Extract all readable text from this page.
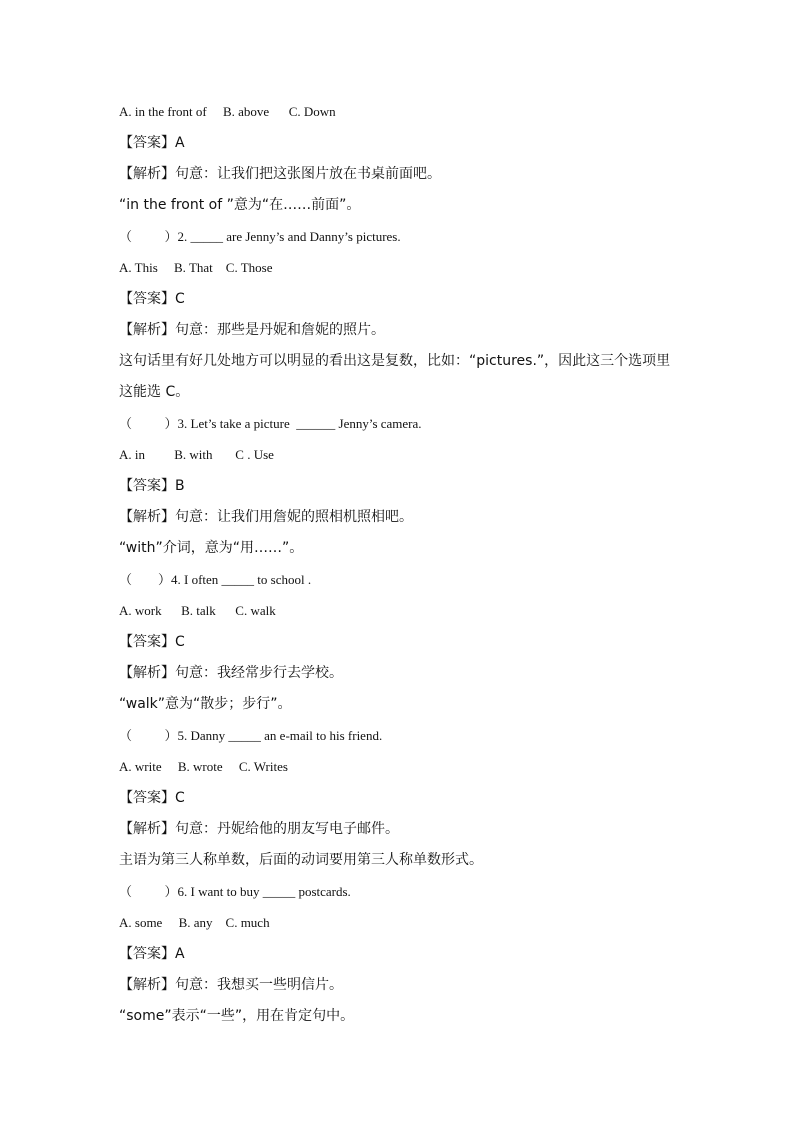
A. in the front of     B. above      C. Down
【答案】A
【解析】句意：让我们把这张图片放在书桌前面吧。
“in the front of ”意为“在……前面”。
（          ）2. _____ are Jenny’s and Danny’s pictures.
A. This     B. That    C. Those
【答案】C
【解析】句意：那些是丹妮和詹妮的照片。
这句话里有好几处地方可以明显的看出这是复数，比如：“pictures.”，因此这三个选项里
这能选 C。
（          ）3. Let’s take a picture  ______ Jenny’s camera.
A. in         B. with       C . Use
【答案】B
【解析】句意：让我们用詹妮的照相机照相吧。
“with”介词，意为“用……”。
（        ）4. I often _____ to school .
A. work      B. talk      C. walk
【答案】C
【解析】句意：我经常步行去学校。
“walk”意为“散步；步行”。
（          ）5. Danny _____ an e-mail to his friend.
A. write     B. wrote     C. Writes
【答案】C
【解析】句意：丹妮给他的朋友写电子邮件。
主语为第三人称单数，后面的动词要用第三人称单数形式。
（          ）6. I want to buy _____ postcards.
A. some     B. any    C. much
【答案】A
【解析】句意：我想买一些明信片。
“some”表示“一些”，用在肯定句中。
